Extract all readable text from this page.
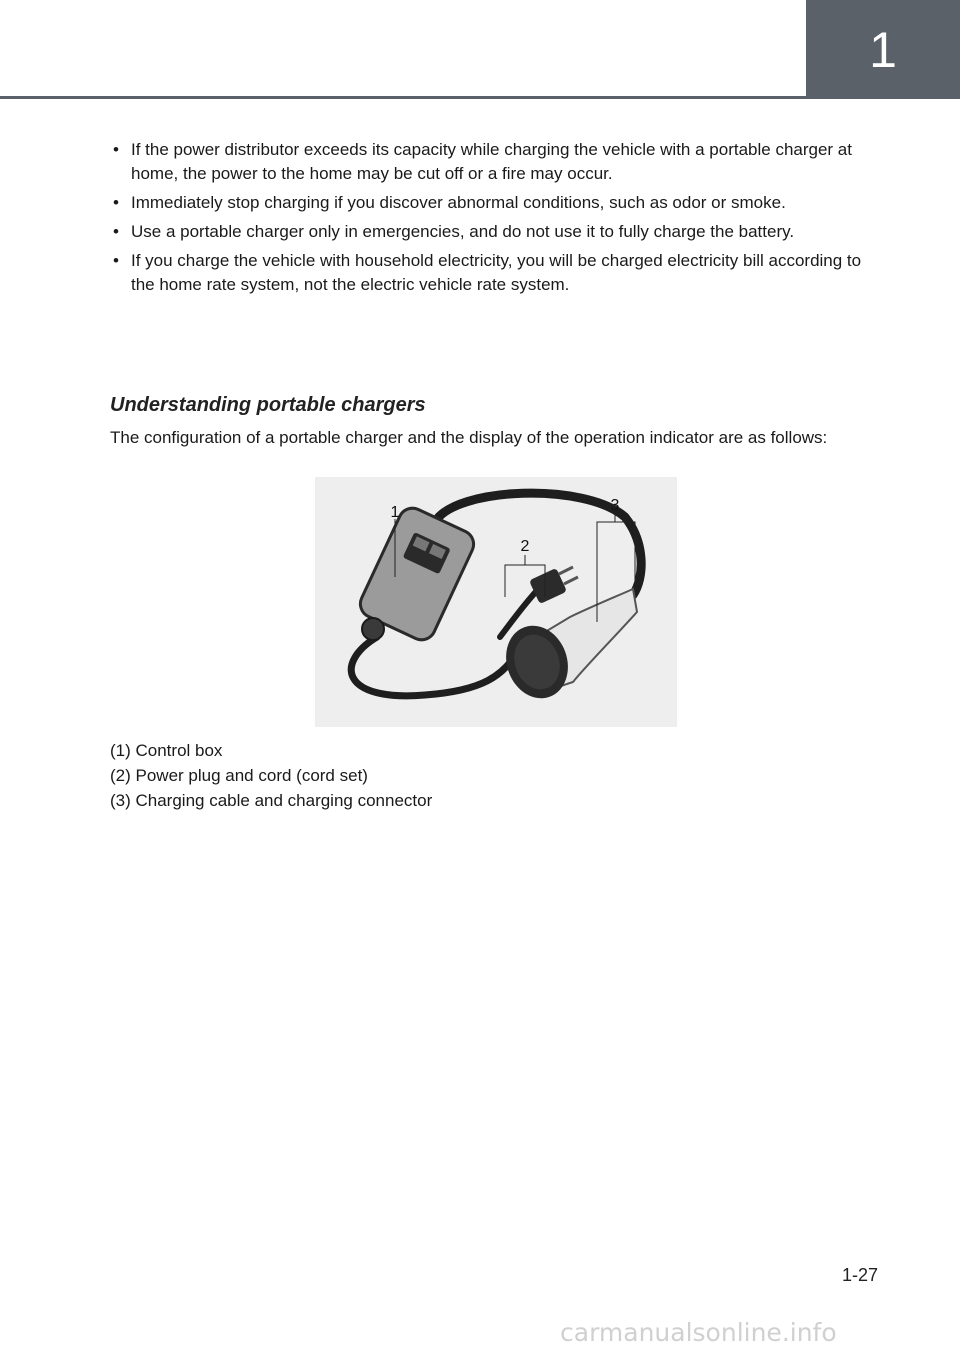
1
• If the power distributor exceeds its capacity while charging the vehicle with a portable charger at home, the power to the home may be cut off or a fire may occur.
• Immediately stop charging if you discover abnormal conditions, such as odor or smoke.
• Use a portable charger only in emergencies, and do not use it to fully charge the battery.
• If you charge the vehicle with household electricity, you will be charged electricity bill according to the home rate system, not the electric vehicle rate system.
Understanding portable chargers

The configuration of a portable charger and the display of the operation indicator are as follows:

1
2
3
(1) Control box
(2) Power plug and cord (cord set)
(3) Charging cable and charging connector
1-27
carmanualsonline.info
